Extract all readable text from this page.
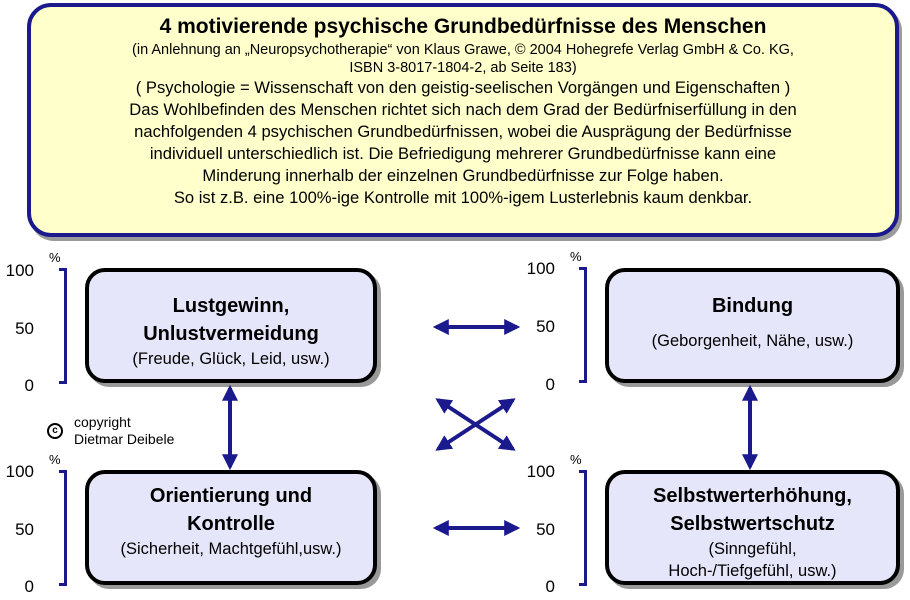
4 motivierende psychische Grundbedürfnisse des Menschen
(in Anlehnung an „Neuropsychotherapie“ von Klaus Grawe, © 2004 Hohegrefe Verlag GmbH & Co. KG,
ISBN 3-8017-1804-2, ab Seite 183)
( Psychologie = Wissenschaft von den geistig-seelischen Vorgängen und Eigenschaften )
Das Wohlbefinden des Menschen richtet sich nach dem Grad der Bedürfniserfüllung in den
nachfolgenden 4 psychischen Grundbedürfnissen, wobei die Ausprägung der Bedürfnisse
individuell unterschiedlich ist. Die Befriedigung mehrerer Grundbedürfnisse kann eine
Minderung innerhalb der einzelnen Grundbedürfnisse zur Folge haben.
So ist z.B. eine 100%-ige Kontrolle mit 100%-igem Lusterlebnis kaum denkbar.
Lustgewinn,
Unlustvermeidung
(Freude, Glück, Leid, usw.)
Bindung
(Geborgenheit, Nähe, usw.)
Orientierung und
Kontrolle
(Sicherheit, Machtgefühl,usw.)
Selbstwerterhöhung,
Selbstwertschutz
(Sinngefühl,
Hoch-/Tiefgefühl, usw.)
%
100
50
0
%
100
50
0
%
100
50
0
%
100
50
0
c
copyright
Dietmar Deibele
